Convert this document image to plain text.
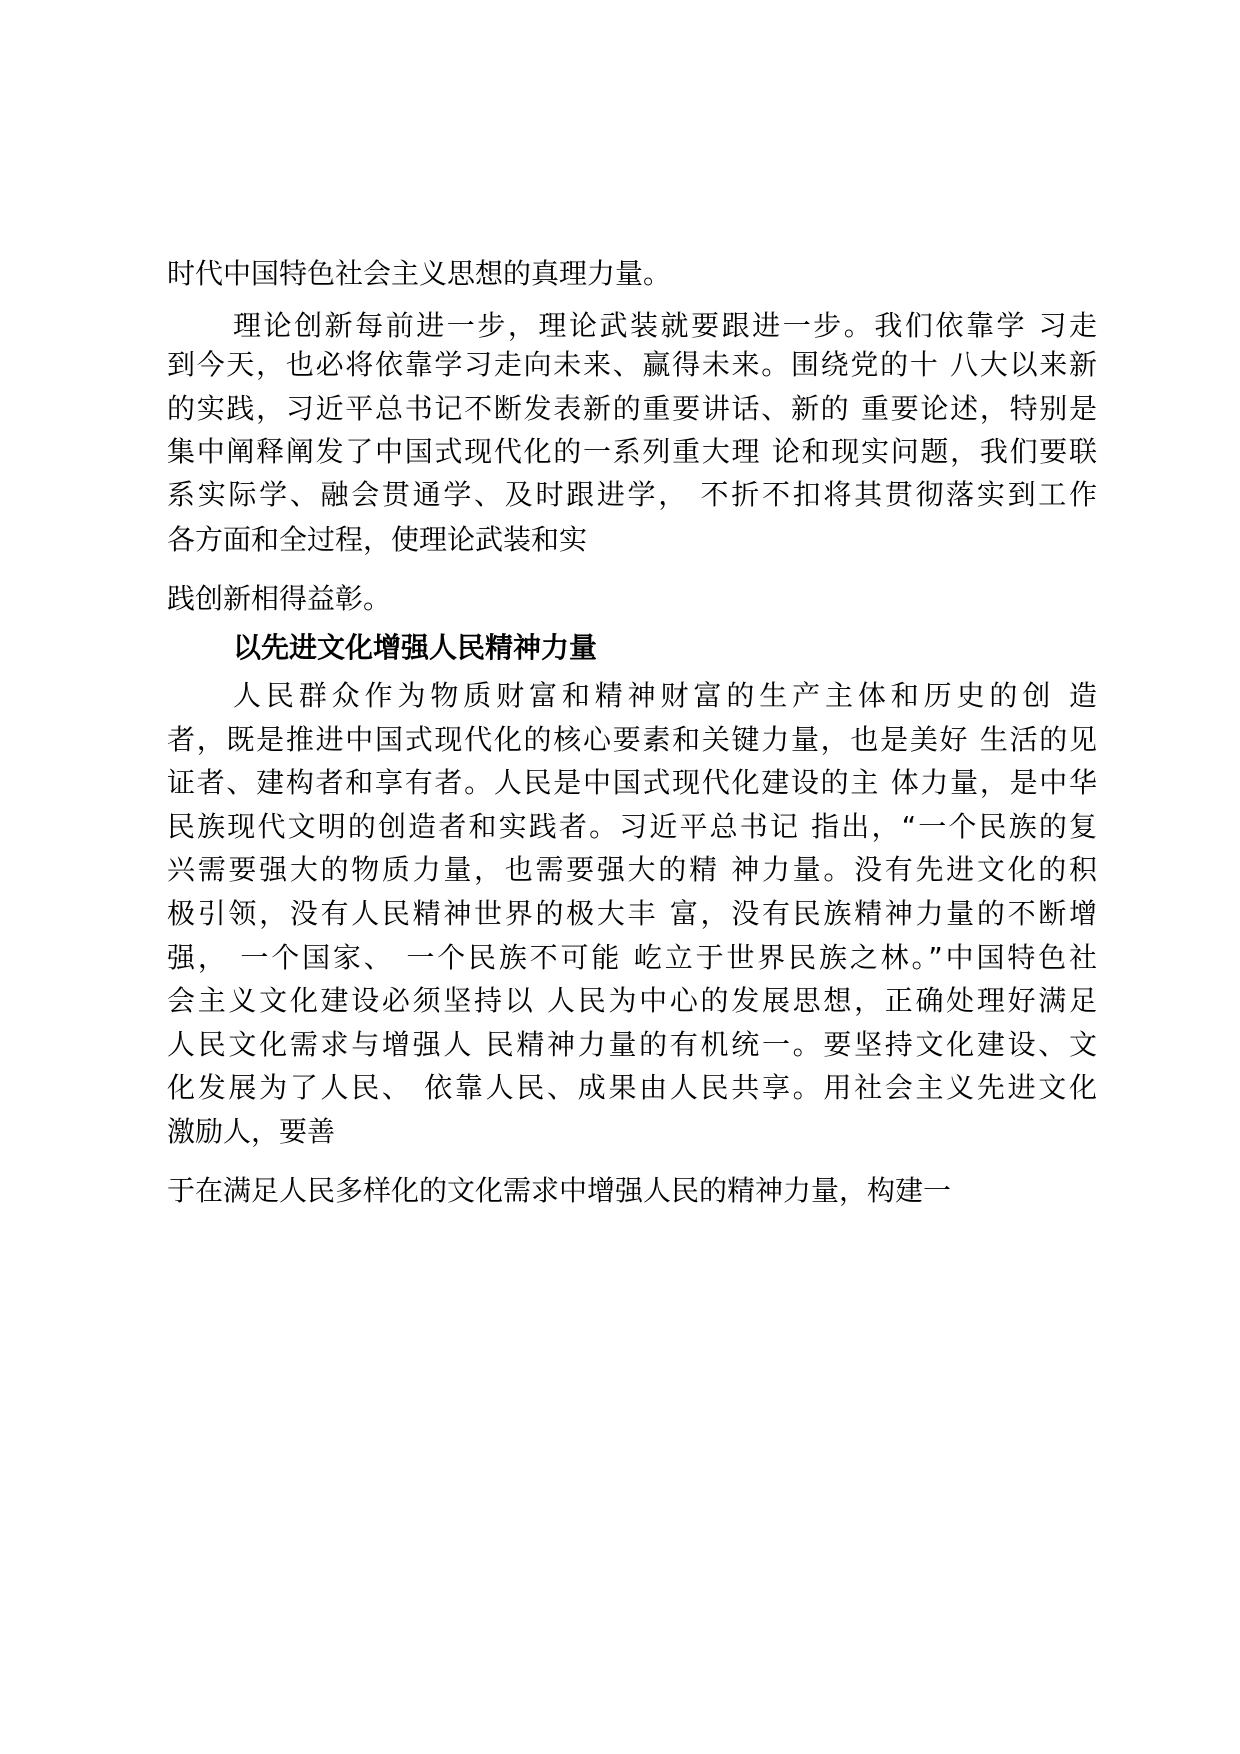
时代中国特色社会主义思想的真理力量。
理论创新每前进一步，理论武装就要跟进一步。我们依靠学 习走
到今天，也必将依靠学习走向未来、赢得未来。围绕党的十 八大以来新
的实践，习近平总书记不断发表新的重要讲话、新的 重要论述，特别是
集中阐释阐发了中国式现代化的一系列重大理 论和现实问题，我们要联
系实际学、融会贯通学、及时跟进学， 不折不扣将其贯彻落实到工作
各方面和全过程，使理论武装和实
践创新相得益彰。
以先进文化增强人民精神力量
人民群众作为物质财富和精神财富的生产主体和历史的创 造
者，既是推进中国式现代化的核心要素和关键力量，也是美好 生活的见
证者、建构者和享有者。人民是中国式现代化建设的主 体力量，是中华
民族现代文明的创造者和实践者。习近平总书记 指出，“一个民族的复
兴需要强大的物质力量，也需要强大的精 神力量。没有先进文化的积
极引领，没有人民精神世界的极大丰 富，没有民族精神力量的不断增
强， 一个国家、 一个民族不可能 屹立于世界民族之林。”中国特色社
会主义文化建设必须坚持以 人民为中心的发展思想，正确处理好满足
人民文化需求与增强人 民精神力量的有机统一。要坚持文化建设、文
化发展为了人民、 依靠人民、成果由人民共享。用社会主义先进文化
激励人，要善
于在满足人民多样化的文化需求中增强人民的精神力量，构建一
